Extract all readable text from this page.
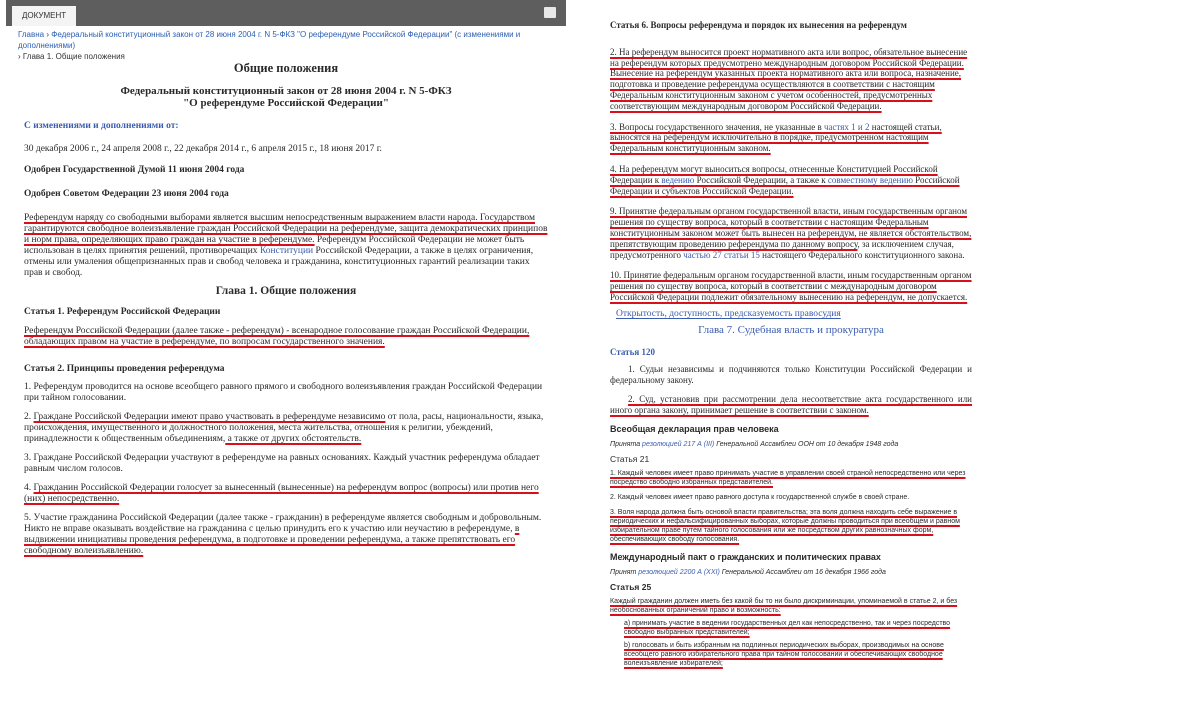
ДОКУМЕНТ
Главна › Федеральный конституционный закон от 28 июня 2004 г. N 5-ФКЗ "О референдуме Российской Федерации" (с изменениями и дополнениями)
› Глава 1. Общие положения
Общие положения
Федеральный конституционный закон от 28 июня 2004 г. N 5-ФКЗ
"О референдуме Российской Федерации"
С изменениями и дополнениями от:

30 декабря 2006 г., 24 апреля 2008 г., 22 декабря 2014 г., 6 апреля 2015 г., 18 июня 2017 г.

Одобрен Государственной Думой 11 июня 2004 года

Одобрен Советом Федерации 23 июня 2004 года

Референдум наряду со свободными выборами является высшим непосредственным выражением власти народа. Государством гарантируются свободное волеизъявление граждан Российской Федерации на референдуме, защита демократических принципов и норм права, определяющих право граждан на участие в референдуме. Референдум Российской Федерации не может быть использован в целях принятия решений, противоречащих Конституции Российской Федерации, а также в целях ограничения, отмены или умаления общепризнанных прав и свобод человека и гражданина, конституционных гарантий реализации таких прав и свобод.

Глава 1. Общие положения

Статья 1. Референдум Российской Федерации

Референдум Российской Федерации (далее также - референдум) - всенародное голосование граждан Российской Федерации, обладающих правом на участие в референдуме, по вопросам государственного значения.

Статья 2. Принципы проведения референдума

1. Референдум проводится на основе всеобщего равного прямого и свободного волеизъявления граждан Российской Федерации при тайном голосовании.

2. Граждане Российской Федерации имеют право участвовать в референдуме независимо от пола, расы, национальности, языка, происхождения, имущественного и должностного положения, места жительства, отношения к религии, убеждений, принадлежности к общественным объединениям, а также от других обстоятельств.

3. Граждане Российской Федерации участвуют в референдуме на равных основаниях. Каждый участник референдума обладает равным числом голосов.

4. Гражданин Российской Федерации голосует за вынесенный (вынесенные) на референдум вопрос (вопросы) или против него (них) непосредственно.

5. Участие гражданина Российской Федерации (далее также - гражданин) в референдуме является свободным и добровольным. Никто не вправе оказывать воздействие на гражданина с целью принудить его к участию или неучастию в референдуме, в выдвижении инициативы проведения референдума, в подготовке и проведении референдума, а также препятствовать его свободному волеизъявлению.

Статья 6. Вопросы референдума и порядок их вынесения на референдум

2. На референдум выносится проект нормативного акта или вопрос, обязательное вынесение на референдум которых предусмотрено международным договором Российской Федерации. Вынесение на референдум указанных проекта нормативного акта или вопроса, назначение, подготовка и проведение референдума осуществляются в соответствии с настоящим Федеральным конституционным законом с учетом особенностей, предусмотренных соответствующим международным договором Российской Федерации.

3. Вопросы государственного значения, не указанные в частях 1 и 2 настоящей статьи, выносятся на референдум исключительно в порядке, предусмотренном настоящим Федеральным конституционным законом.

4. На референдум могут выноситься вопросы, отнесенные Конституцией Российской Федерации к ведению Российской Федерации, а также к совместному ведению Российской Федерации и субъектов Российской Федерации.

9. Принятие федеральным органом государственной власти, иным государственным органом решения по существу вопроса, который в соответствии с настоящим Федеральным конституционным законом может быть вынесен на референдум, не является обстоятельством, препятствующим проведению референдума по данному вопросу, за исключением случая, предусмотренного частью 27 статьи 15 настоящего Федерального конституционного закона.

10. Принятие федеральным органом государственной власти, иным государственным органом решения по существу вопроса, который в соответствии с международным договором Российской Федерации подлежит обязательному вынесению на референдум, не допускается.

Открытость, доступность, предсказуемость правосудия

Глава 7. Судебная власть и прокуратура

Статья 120

1. Судьи независимы и подчиняются только Конституции Российской Федерации и федеральному закону.

2. Суд, установив при рассмотрении дела несоответствие акта государственного или иного органа закону, принимает решение в соответствии с законом.

Всеобщая декларация прав человека

Принята резолюцией 217 А (III) Генеральной Ассамблеи ООН от 10 декабря 1948 года

Статья 21

1. Каждый человек имеет право принимать участие в управлении своей страной непосредственно или через посредство свободно избранных представителей.

2. Каждый человек имеет право равного доступа к государственной службе в своей стране.

3. Воля народа должна быть основой власти правительства; эта воля должна находить себе выражение в периодических и нефальсифицированных выборах, которые должны проводиться при всеобщем и равном избирательном праве путем тайного голосования или же посредством других равнозначных форм, обеспечивающих свободу голосования.

Международный пакт о гражданских и политических правах

Принят резолюцией 2200 А (XXI) Генеральной Ассамблеи от 16 декабря 1966 года

Статья 25

Каждый гражданин должен иметь без какой бы то ни было дискриминации, упоминаемой в статье 2, и без необоснованных ограничений право и возможность:

а) принимать участие в ведении государственных дел как непосредственно, так и через посредство свободно выбранных представителей;

b) голосовать и быть избранным на подлинных периодических выборах, производимых на основе всеобщего равного избирательного права при тайном голосовании и обеспечивающих свободное волеизъявление избирателей;
